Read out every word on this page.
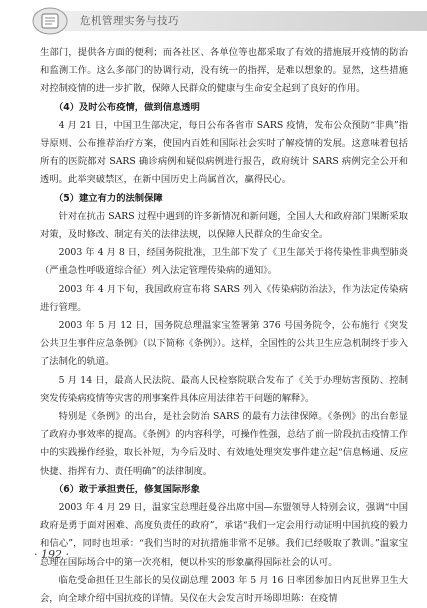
危机管理实务与技巧

生部门，提供各方面的便利；而各社区、各单位等也都采取了有效的措施展开疫情的防治和监测工作。这么多部门的协调行动，没有统一的指挥，是难以想象的。显然，这些措施对控制疫情的进一步扩散，保障人民群众的健康与生命安全起到了良好的作用。

（4）及时公布疫情，做到信息透明

4 月 21 日，中国卫生部决定，每日公布各省市 SARS 疫情，发布公众预防“非典”指导原则、公布推荐治疗方案，使国内百姓和国际社会实时了解疫情的发展。这意味着包括所有的医院都对 SARS 确诊病例和疑似病例进行报告，政府统计 SARS 病例完全公开和透明。此举突破禁区，在新中国历史上尚属首次，赢得民心。

（5）建立有力的法制保障

针对在抗击 SARS 过程中遇到的许多新情况和新问题，全国人大和政府部门果断采取对策，及时修改、制定有关的法律法规，以保障人民群众的生命安全。

2003 年 4 月 8 日，经国务院批准，卫生部下发了《卫生部关于将传染性非典型肺炎（严重急性呼吸道综合征）列入法定管理传染病的通知》。

2003 年 4 月下旬，我国政府宣布将 SARS 列入《传染病防治法》，作为法定传染病进行管理。

2003 年 5 月 12 日，国务院总理温家宝签署第 376 号国务院令，公布施行《突发公共卫生事件应急条例》（以下简称《条例》）。这样，全国性的公共卫生应急机制终于步入了法制化的轨道。

5 月 14 日，最高人民法院、最高人民检察院联合发布了《关于办理妨害预防、控制突发传染病疫情等灾害的刑事案件具体应用法律若干问题的解释》。

特别是《条例》的出台，是社会防治 SARS 的最有力法律保障。《条例》的出台彰显了政府办事效率的提高。《条例》的内容科学，可操作性强，总结了前一阶段抗击疫情工作中的实践操作经验，取长补短，为今后及时、有效地处理突发事件建立起“信息畅通、反应快捷、指挥有力、责任明确”的法律制度。

（6）敢于承担责任，修复国际形象

2003 年 4 月 29 日，温家宝总理赶曼谷出席中国—东盟领导人特别会议，强调“中国政府是勇于面对困难、高度负责任的政府”，承诺“我们一定会用行动证明中国抗疫的毅力和信心”，同时也坦承：“我们当时的对抗措施非常不足够。我们已经吸取了教训。”温家宝总理在国际场合中的第一次亮相，便以朴实的形象赢得国际社会的认可。

临危受命担任卫生部长的吴仪副总理 2003 年 5 月 16 日率团参加日内瓦世界卫生大会，向全球介绍中国抗疫的详情。吴仪在大会发言时开场即坦陈：在疫情

· 192 ·
